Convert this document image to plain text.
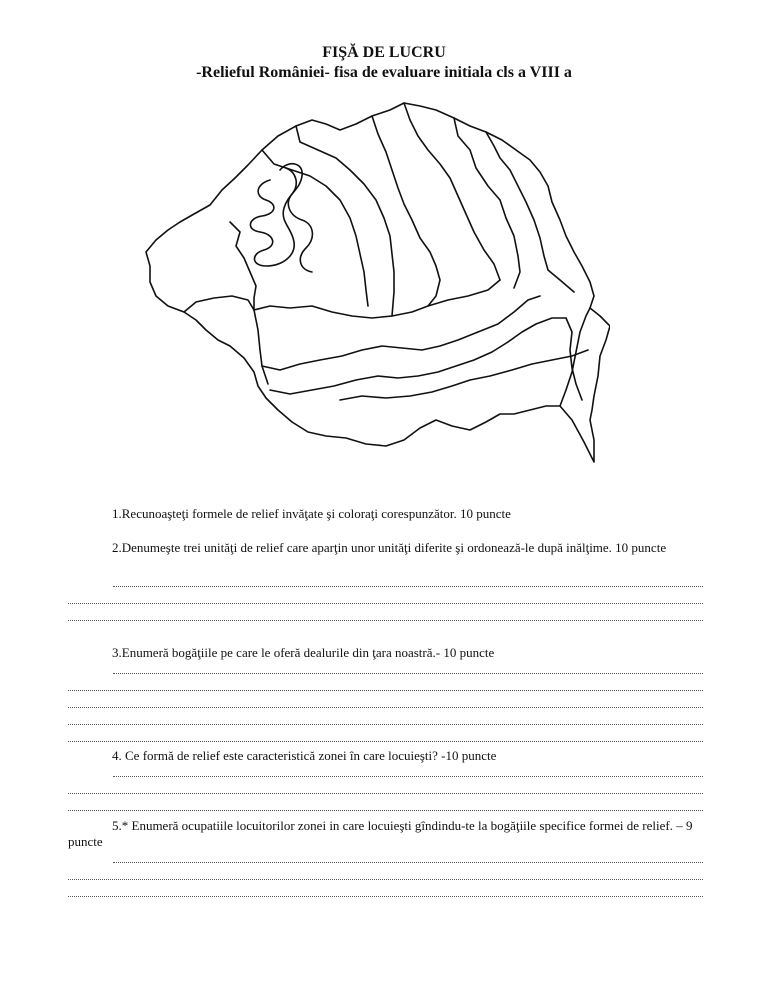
FIŞĂ DE LUCRU
-Relieful României- fisa de evaluare initiala cls a VIII a
1.Recunoaşteţi formele de relief invăţate şi coloraţi corespunzător. 10 puncte
2.Denumeşte trei unităţi de relief care aparţin unor unităţi diferite şi ordonează-le după inălţime. 10 puncte
3.Enumeră bogăţiile pe care le oferă dealurile din ţara noastră.- 10 puncte
4. Ce formă de relief este caracteristică zonei în care locuieşti? -10 puncte
5.* Enumeră ocupatiile locuitorilor zonei in care locuieşti gîndindu-te la bogăţiile specifice formei de relief. – 9 puncte
